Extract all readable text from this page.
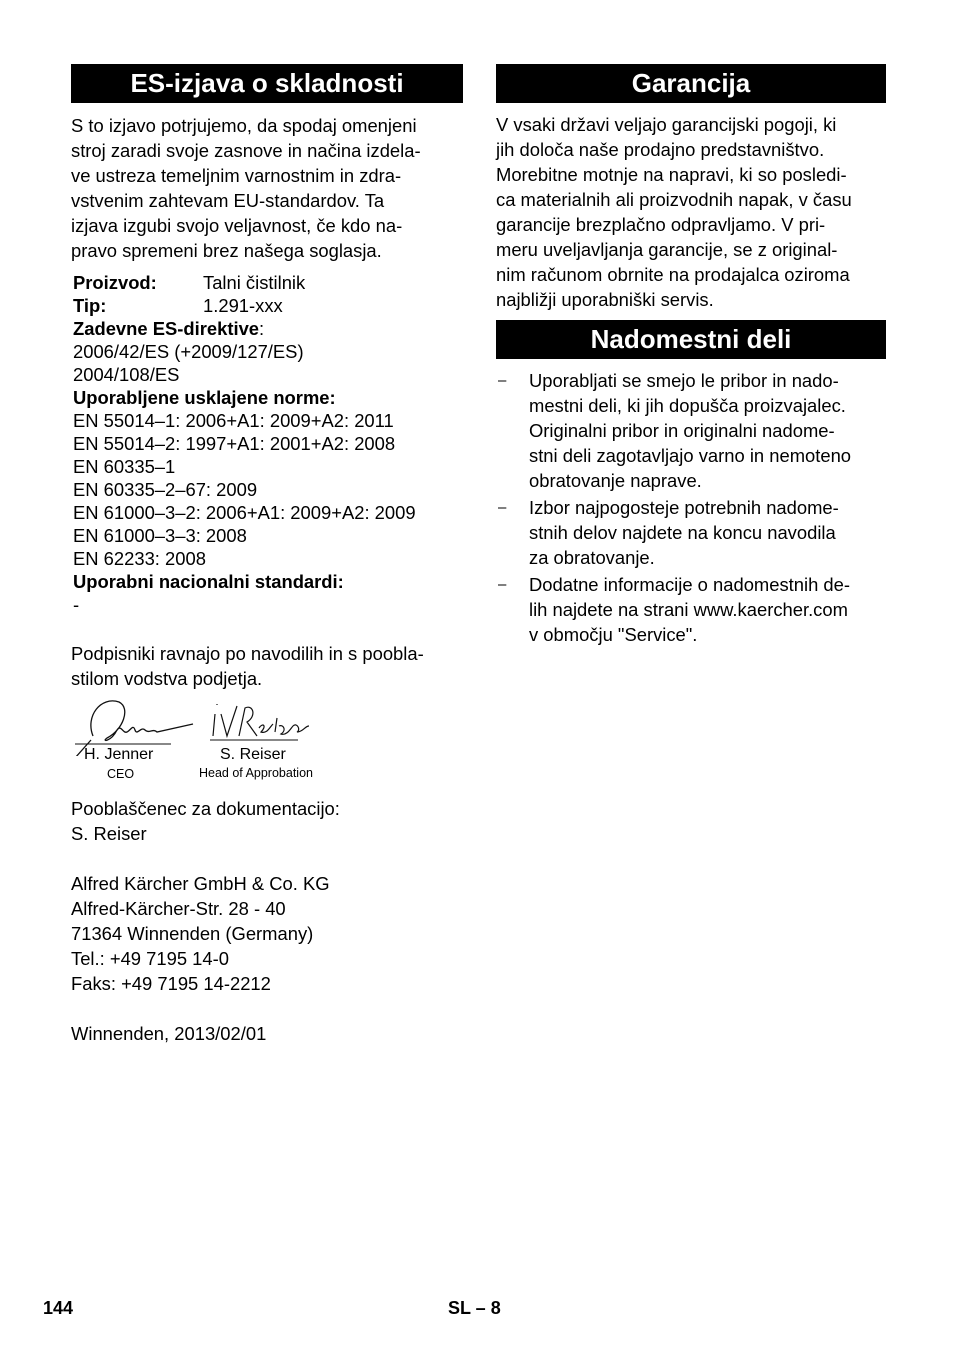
ES-izjava o skladnosti

S to izjavo potrjujemo, da spodaj omenjeni

stroj zaradi svoje zasnove in načina izdela-

ve ustreza temeljnim varnostnim in zdra-

vstvenim zahtevam EU-standardov. Ta

izjava izgubi svojo veljavnost, če kdo na-

pravo spremeni brez našega soglasja.

Proizvod:	Talni čistilnik
Tip:	1.291-xxx
Zadevne ES-direktive:
2006/42/ES (+2009/127/ES)
2004/108/ES
Uporabljene usklajene norme:
EN 55014–1: 2006+A1: 2009+A2: 2011
EN 55014–2: 1997+A1: 2001+A2: 2008
EN 60335–1
EN 60335–2–67: 2009
EN 61000–3–2: 2006+A1: 2009+A2: 2009
EN 61000–3–3: 2008
EN 62233: 2008
Uporabni nacionalni standardi:
-

Podpisniki ravnajo po navodilih in s poobla-

stilom vodstva podjetja.

H. Jenner
CEO
S. Reiser
Head of Approbation

Pooblaščenec za dokumentacijo:

S. Reiser

Alfred Kärcher GmbH & Co. KG

Alfred-Kärcher-Str. 28 - 40

71364 Winnenden (Germany)

Tel.: +49 7195 14-0

Faks: +49 7195 14-2212

Winnenden, 2013/02/01

Garancija

V vsaki državi veljajo garancijski pogoji, ki

jih določa naše prodajno predstavništvo.

Morebitne motnje na napravi, ki so posledi-

ca materialnih ali proizvodnih napak, v času

garancije brezplačno odpravljamo. V pri-

meru uveljavljanja garancije, se z original-

nim računom obrnite na prodajalca oziroma

najbližji uporabniški servis.

Nadomestni deli
–	Uporabljati se smejo le pribor in nado-
mestni deli, ki jih dopušča proizvajalec.
Originalni pribor in originalni nadome-
stni deli zagotavljajo varno in nemoteno
obratovanje naprave.
–	Izbor najpogosteje potrebnih nadome-
stnih delov najdete na koncu navodila
za obratovanje.
–	Dodatne informacije o nadomestnih de-
lih najdete na strani www.kaercher.com
v območju "Service".
144	SL – 8
